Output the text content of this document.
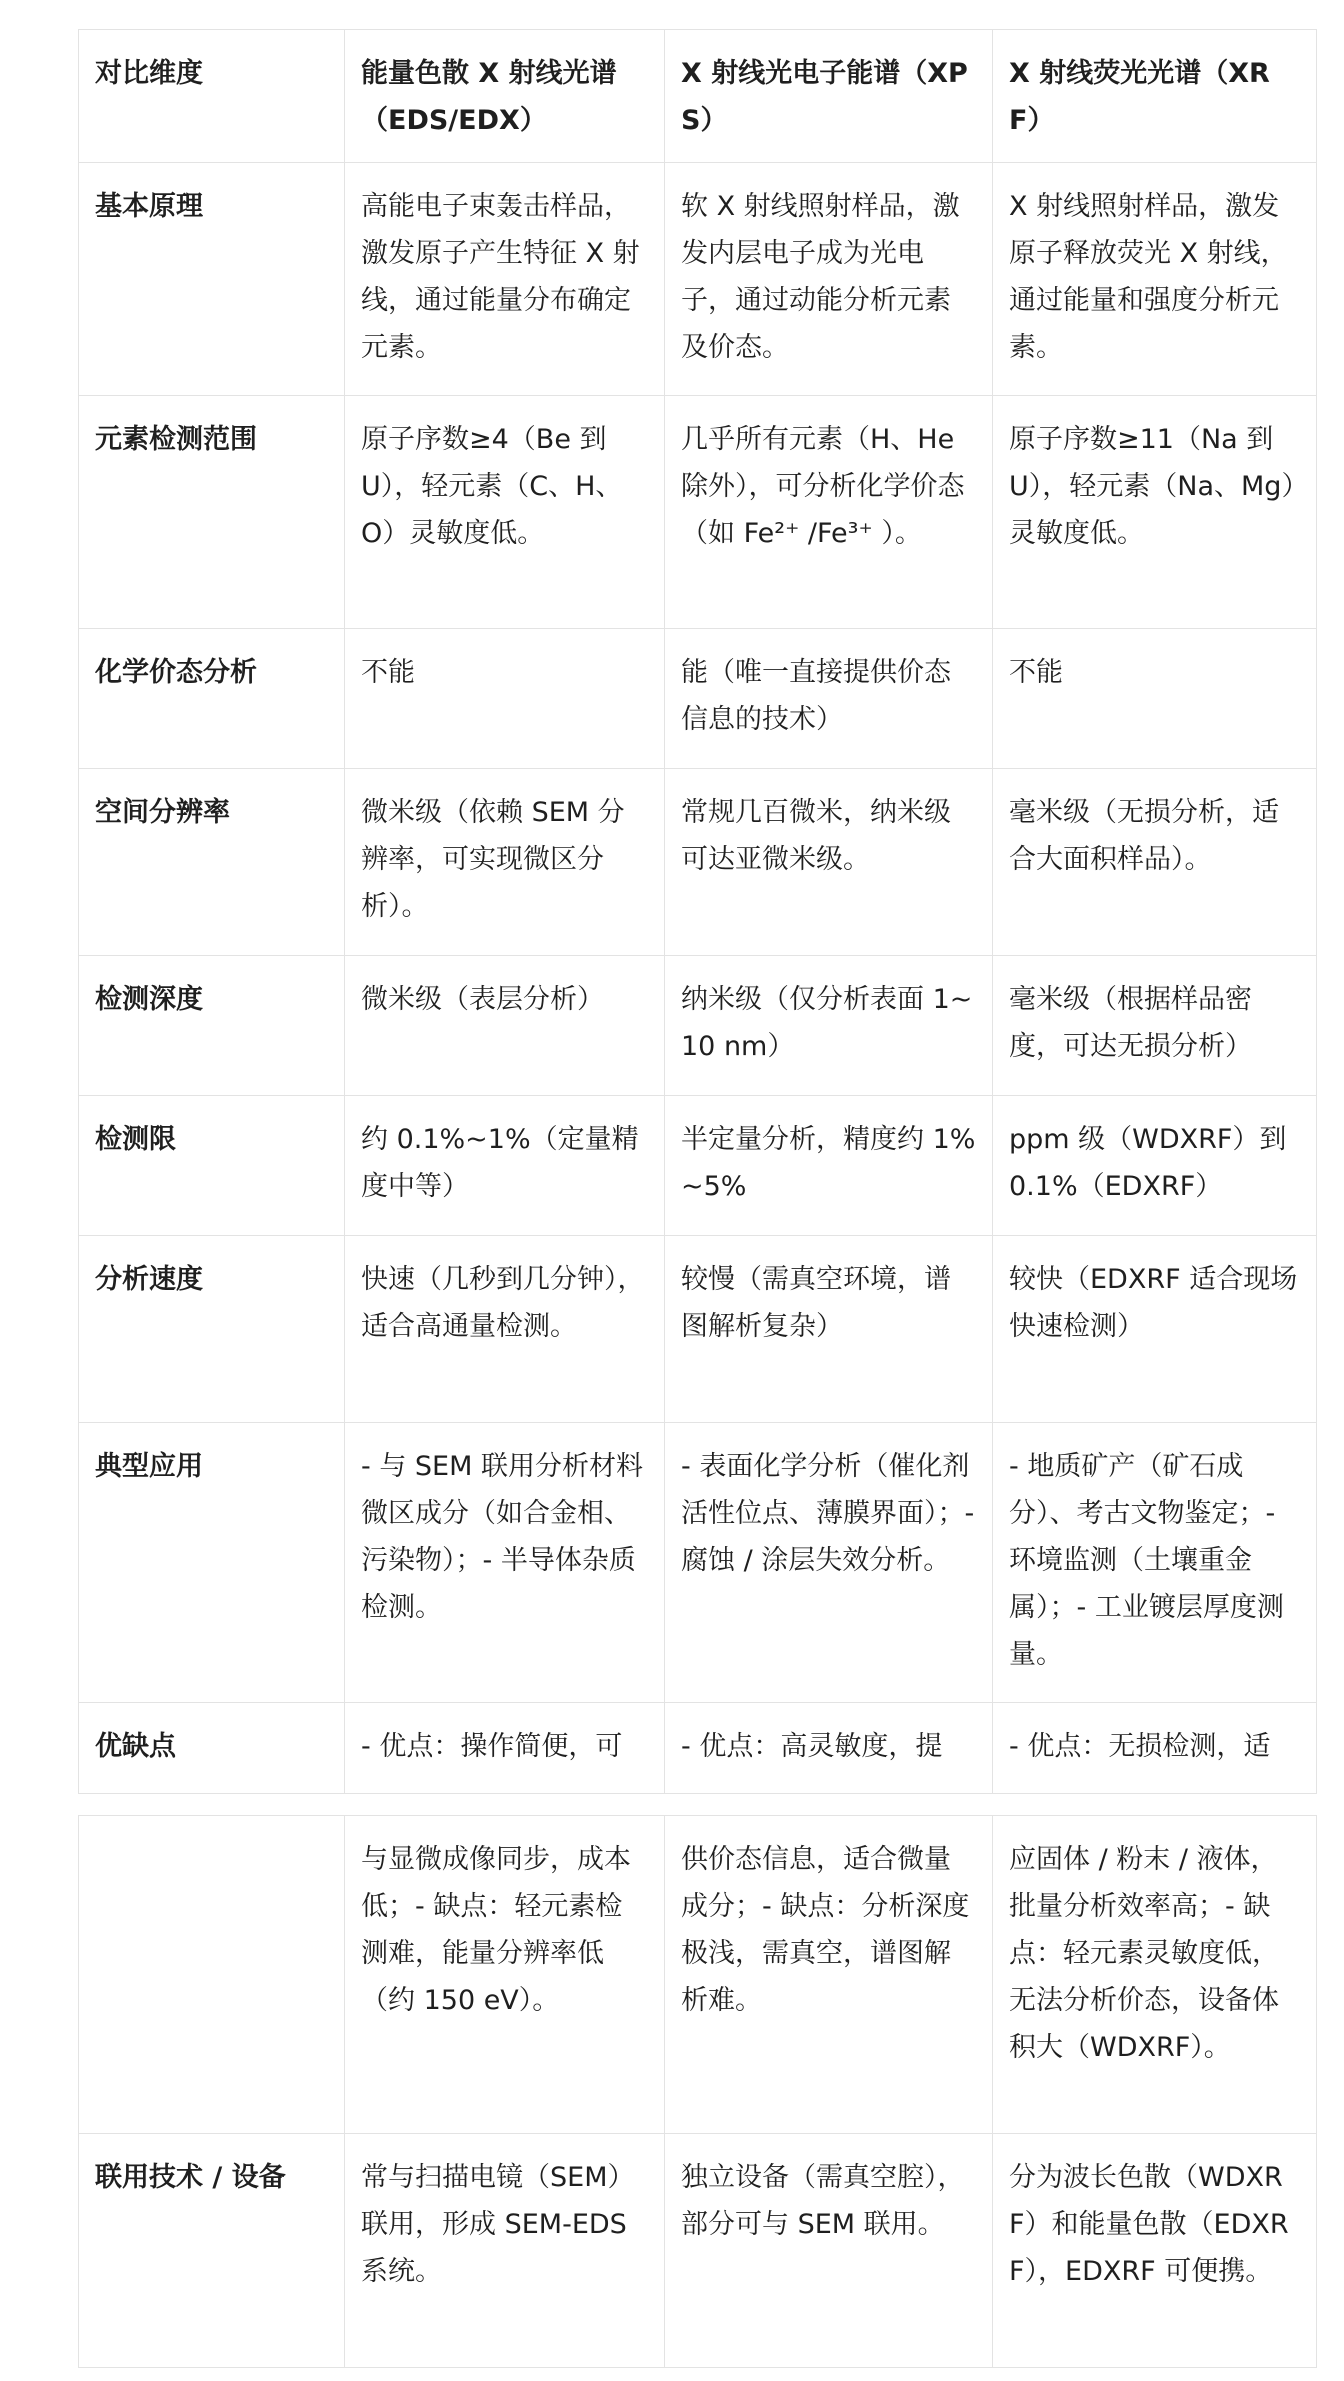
对比维度	能量色散 X 射线光谱（EDS/EDX）	X 射线光电子能谱（XPS）	X 射线荧光光谱（XRF）
基本原理	高能电子束轰击样品，激发原子产生特征 X 射线，通过能量分布确定元素。	软 X 射线照射样品，激发内层电子成为光电子，通过动能分析元素及价态。	X 射线照射样品，激发原子释放荧光 X 射线，通过能量和强度分析元素。
元素检测范围	原子序数≥4（Be 到 U），轻元素（C、H、O）灵敏度低。	几乎所有元素（H、He 除外），可分析化学价态（如 Fe²⁺ /Fe³⁺ ）。	原子序数≥11（Na 到 U），轻元素（Na、Mg）灵敏度低。
化学价态分析	不能	能（唯一直接提供价态信息的技术）	不能
空间分辨率	微米级（依赖 SEM 分辨率，可实现微区分析）。	常规几百微米，纳米级可达亚微米级。	毫米级（无损分析，适合大面积样品）。
检测深度	微米级（表层分析）	纳米级（仅分析表面 1~10 nm）	毫米级（根据样品密度，可达无损分析）
检测限	约 0.1%~1%（定量精度中等）	半定量分析，精度约 1%~5%	ppm 级（WDXRF）到 0.1%（EDXRF）
分析速度	快速（几秒到几分钟），适合高通量检测。	较慢（需真空环境，谱图解析复杂）	较快（EDXRF 适合现场快速检测）
典型应用	- 与 SEM 联用分析材料微区成分（如合金相、污染物）；- 半导体杂质检测。	- 表面化学分析（催化剂活性位点、薄膜界面）；- 腐蚀 / 涂层失效分析。	- 地质矿产（矿石成分）、考古文物鉴定；- 环境监测（土壤重金属）；- 工业镀层厚度测量。
优缺点	- 优点：操作简便，可	- 优点：高灵敏度，提	- 优点：无损检测，适
	与显微成像同步，成本低；- 缺点：轻元素检测难，能量分辨率低（约 150 eV）。	供价态信息，适合微量成分；- 缺点：分析深度极浅，需真空，谱图解析难。	应固体 / 粉末 / 液体，批量分析效率高；- 缺点：轻元素灵敏度低，无法分析价态，设备体积大（WDXRF）。
联用技术 / 设备	常与扫描电镜（SEM）联用，形成 SEM-EDS 系统。	独立设备（需真空腔），部分可与 SEM 联用。	分为波长色散（WDXRF）和能量色散（EDXRF），EDXRF 可便携。
